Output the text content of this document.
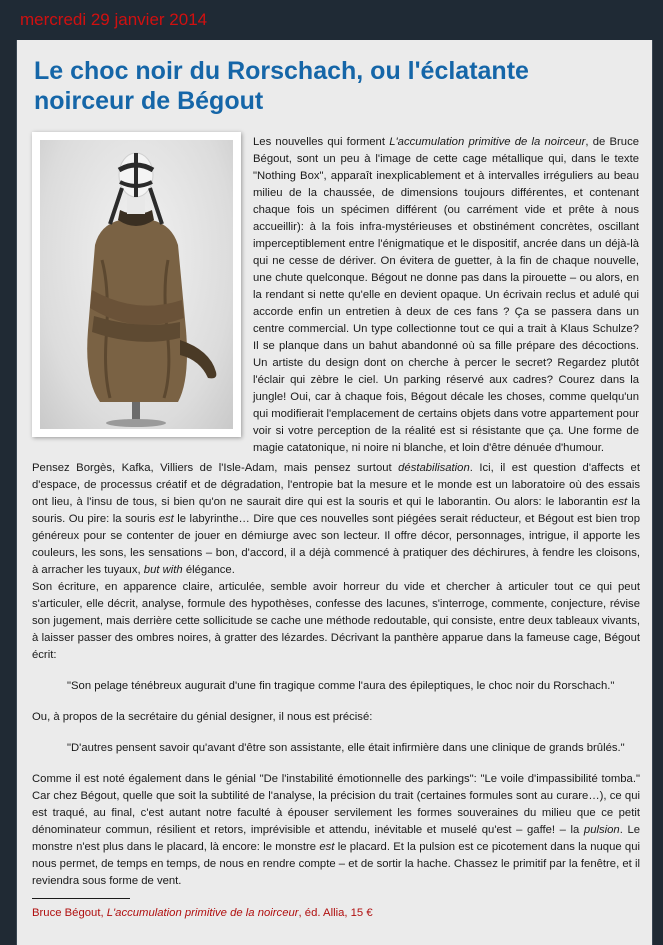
mercredi 29 janvier 2014
Le choc noir du Rorschach, ou l'éclatante noirceur de Bégout
Les nouvelles qui forment L'accumulation primitive de la noirceur, de Bruce Bégout, sont un peu à l'image de cette cage métallique qui, dans le texte "Nothing Box", apparaît inexplicablement et à intervalles irréguliers au beau milieu de la chaussée, de dimensions toujours différentes, et contenant chaque fois un spécimen différent (ou carrément vide et prête à nous accueillir): à la fois infra-mystérieuses et obstinément concrètes, oscillant imperceptiblement entre l'énigmatique et le dispositif, ancrée dans un déjà-là qui ne cesse de dériver. On évitera de guetter, à la fin de chaque nouvelle, une chute quelconque. Bégout ne donne pas dans la pirouette – ou alors, en la rendant si nette qu'elle en devient opaque. Un écrivain reclus et adulé qui accorde enfin un entretien à deux de ces fans ? Ça se passera dans un centre commercial. Un type collectionne tout ce qui a trait à Klaus Schulze? Il se planque dans un bahut abandonné où sa fille prépare des décoctions. Un artiste du design dont on cherche à percer le secret? Regardez plutôt l'éclair qui zèbre le ciel. Un parking réservé aux cadres? Courez dans la jungle! Oui, car à chaque fois, Bégout décale les choses, comme quelqu'un qui modifierait l'emplacement de certains objets dans votre appartement pour voir si votre perception de la réalité est si résistante que ça. Une forme de magie catatonique, ni noire ni blanche, et loin d'être dénuée d'humour.

Pensez Borgès, Kafka, Villiers de l'Isle-Adam, mais pensez surtout déstabilisation. Ici, il est question d'affects et d'espace, de processus créatif et de dégradation, l'entropie bat la mesure et le monde est un laboratoire où des essais ont lieu, à l'insu de tous, si bien qu'on ne saurait dire qui est la souris et qui le laborantin. Ou alors: le laborantin est la souris. Ou pire: la souris est le labyrinthe… Dire que ces nouvelles sont piégées serait réducteur, et Bégout est bien trop généreux pour se contenter de jouer en démiurge avec son lecteur. Il offre décor, personnages, intrigue, il apporte les couleurs, les sons, les sensations – bon, d'accord, il a déjà commencé à pratiquer des déchirures, à fendre les cloisons, à arracher les tuyaux, but with élégance.

Son écriture, en apparence claire, articulée, semble avoir horreur du vide et chercher à articuler tout ce qui peut s'articuler, elle décrit, analyse, formule des hypothèses, confesse des lacunes, s'interroge, commente, conjecture, révise son jugement, mais derrière cette sollicitude se cache une méthode redoutable, qui consiste, entre deux tableaux vivants, à laisser passer des ombres noires, à gratter des lézardes. Décrivant la panthère apparue dans la fameuse cage, Bégout écrit:

"Son pelage ténébreux augurait d'une fin tragique comme l'aura des épileptiques, le choc noir du Rorschach."

Ou, à propos de la secrétaire du génial designer, il nous est précisé:

"D'autres pensent savoir qu'avant d'être son assistante, elle était infirmière dans une clinique de grands brûlés."

Comme il est noté également dans le génial "De l'instabilité émotionnelle des parkings": "Le voile d'impassibilité tomba." Car chez Bégout, quelle que soit la subtilité de l'analyse, la précision du trait (certaines formules sont au curare…), ce qui est traqué, au final, c'est autant notre faculté à épouser servilement les formes souveraines du milieu que ce petit dénominateur commun, résilient et retors, imprévisible et attendu, inévitable et muselé qu'est – gaffe! – la pulsion. Le monstre n'est plus dans le placard, là encore: le monstre est le placard. Et la pulsion est ce picotement dans la nuque qui nous permet, de temps en temps, de nous en rendre compte – et de sortir la hache. Chassez le primitif par la fenêtre, et il reviendra sous forme de vent.

Bruce Bégout, L'accumulation primitive de la noirceur, éd. Allia, 15 €
